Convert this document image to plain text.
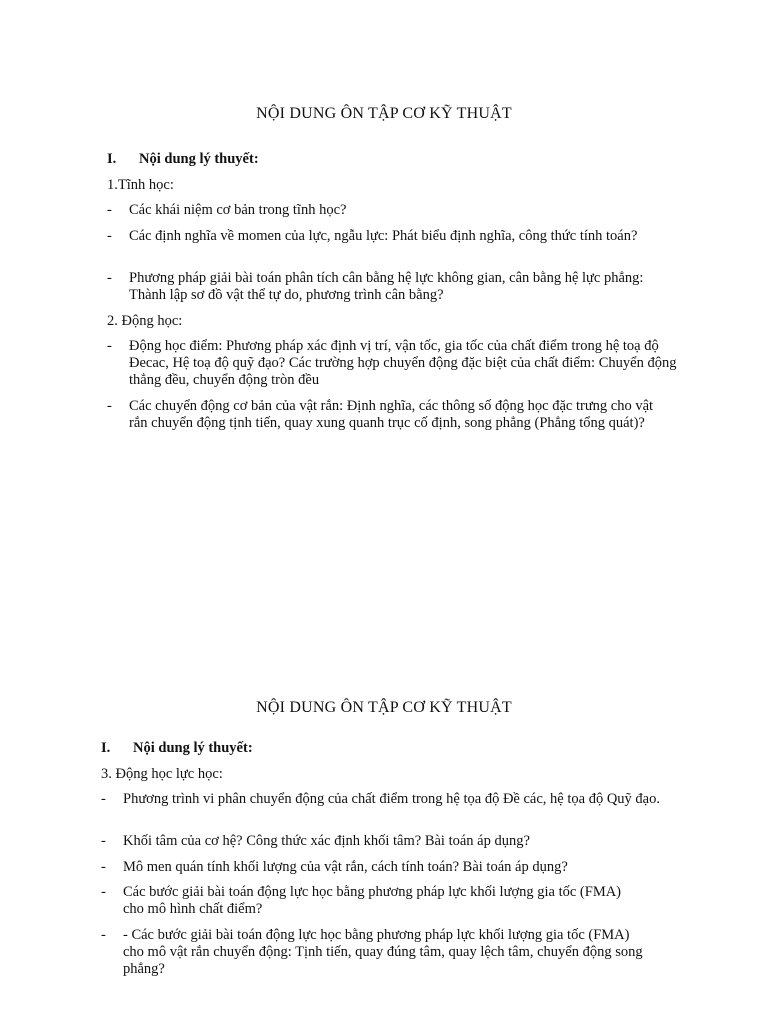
NỘI DUNG ÔN TẬP CƠ KỸ THUẬT
I. Nội dung lý thuyết:
1.Tĩnh học:
-	Các khái niệm cơ bản trong tĩnh học?
-	Các định nghĩa về momen của lực, ngẫu lực: Phát biểu định nghĩa, công thức tính toán?
-	Phương pháp giải bài toán phân tích cân bằng hệ lực không gian, cân bằng hệ lực phẳng: Thành lập sơ đồ vật thể tự do, phương trình cân bằng?
2. Động học:
-	Động học điểm: Phương pháp xác định vị trí, vận tốc, gia tốc của chất điểm trong hệ toạ độ Đecac, Hệ toạ độ quỹ đạo? Các trường hợp chuyển động đặc biệt của chất điểm: Chuyển động thẳng đều, chuyển động tròn đều
-	Các chuyển động cơ bản của vật rắn: Định nghĩa, các thông số động học đặc trưng cho vật rắn chuyển động tịnh tiến, quay xung quanh trục cố định, song phẳng (Phẳng tổng quát)?
NỘI DUNG ÔN TẬP CƠ KỸ THUẬT
I. Nội dung lý thuyết:
3. Động học lực học:
-	Phương trình vi phân chuyển động của chất điểm trong hệ tọa độ Đề các, hệ tọa độ Quỹ đạo.
-	Khối tâm của cơ hệ? Công thức xác định khối tâm? Bài toán áp dụng?
-	Mô men quán tính khối lượng của vật rắn, cách tính toán? Bài toán áp dụng?
-	Các bước giải bài toán động lực học bằng phương pháp lực khối lượng gia tốc (FMA) cho mô hình chất điểm?
-	- Các bước giải bài toán động lực học bằng phương pháp lực khối lượng gia tốc (FMA) cho mô vật rắn chuyển động: Tịnh tiến, quay đúng tâm, quay lệch tâm, chuyển động song phẳng?
